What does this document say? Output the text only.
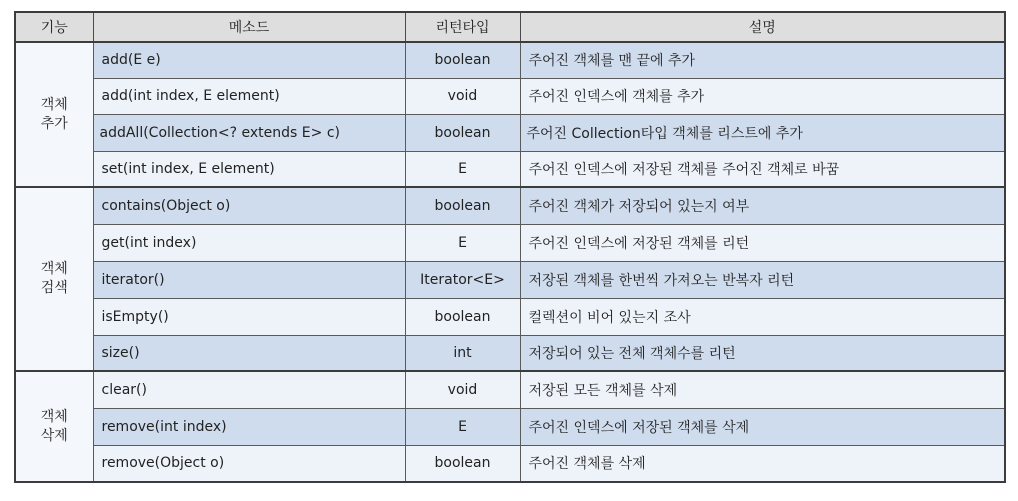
기능	메소드	리턴타입	설명

객체
추가	add(E e)	boolean	주어진 객체를 맨 끝에 추가
	add(int index, E element)	void	주어진 인덱스에 객체를 추가
	addAll(Collection<? extends E> c)	boolean	주어진 Collection타입 객체를 리스트에 추가
	set(int index, E element)	E	주어진 인덱스에 저장된 객체를 주어진 객체로 바꿈

객체
검색	contains(Object o)	boolean	주어진 객체가 저장되어 있는지 여부
	get(int index)	E	주어진 인덱스에 저장된 객체를 리턴
	iterator()	Iterator<E>	저장된 객체를 한번씩 가져오는 반복자 리턴
	isEmpty()	boolean	컬렉션이 비어 있는지 조사
	size()	int	저장되어 있는 전체 객체수를 리턴

객체
삭제	clear()	void	저장된 모든 객체를 삭제
	remove(int index)	E	주어진 인덱스에 저장된 객체를 삭제
	remove(Object o)	boolean	주어진 객체를 삭제
